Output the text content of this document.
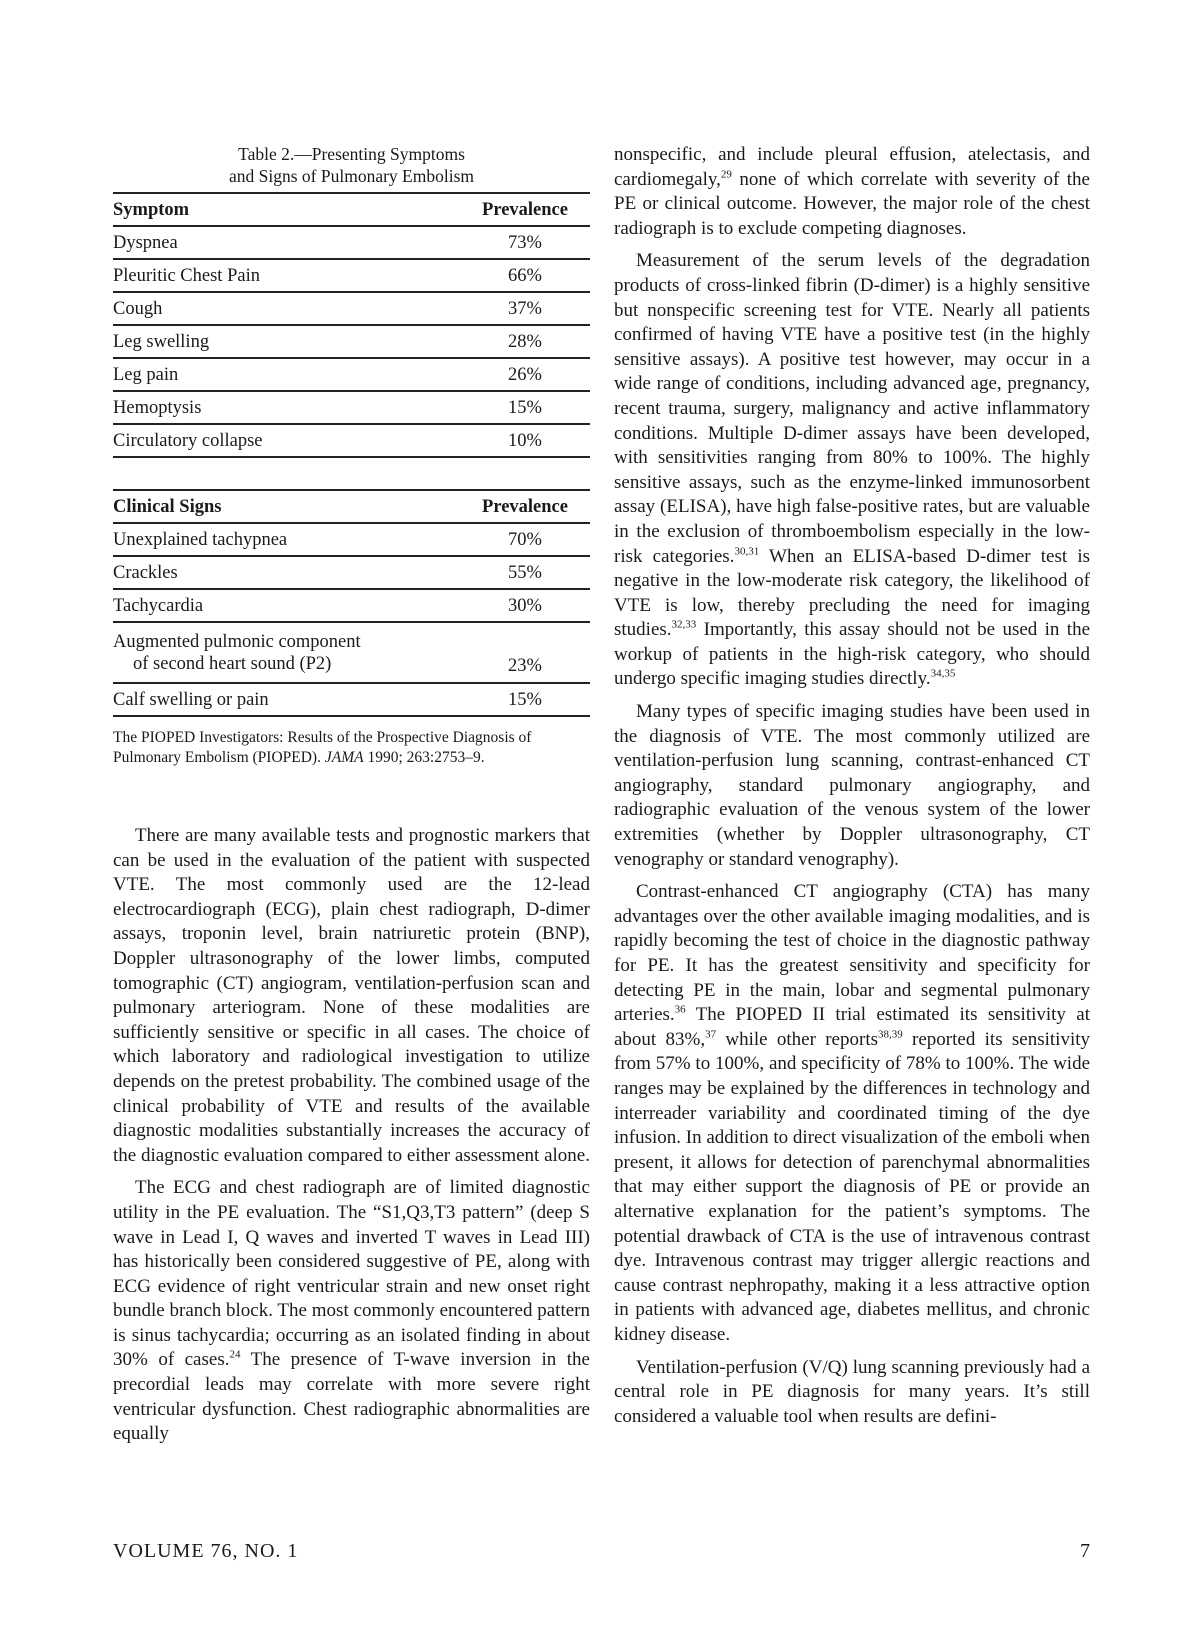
Table 2.—Presenting Symptoms
and Signs of Pulmonary Embolism
Symptom	Prevalence
Dyspnea	73%
Pleuritic Chest Pain	66%
Cough	37%
Leg swelling	28%
Leg pain	26%
Hemoptysis	15%
Circulatory collapse	10%

Clinical Signs	Prevalence
Unexplained tachypnea	70%
Crackles	55%
Tachycardia	30%

Augmented pulmonic component
of second heart sound (P2)	23%
Calf swelling or pain	15%
The PIOPED Investigators: Results of the Prospective Diagnosis of Pulmonary Embolism (PIOPED). JAMA 1990; 263:2753–9.

There are many available tests and prognostic markers that can be used in the evaluation of the patient with suspected VTE. The most commonly used are the 12-lead electrocardiograph (ECG), plain chest radiograph, D-dimer assays, troponin level, brain natriuretic protein (BNP), Doppler ultrasonography of the lower limbs, computed tomographic (CT) angiogram, ventilation-perfusion scan and pulmonary arteriogram. None of these modalities are sufficiently sensitive or specific in all cases. The choice of which laboratory and radiological investigation to utilize depends on the pretest probability. The combined usage of the clinical probability of VTE and results of the available diagnostic modalities substantially increases the accuracy of the diagnostic evaluation compared to either assessment alone.

The ECG and chest radiograph are of limited diagnostic utility in the PE evaluation. The “S1,Q3,T3 pattern” (deep S wave in Lead I, Q waves and inverted T waves in Lead III) has historically been considered suggestive of PE, along with ECG evidence of right ventricular strain and new onset right bundle branch block. The most commonly encountered pattern is sinus tachycardia; occurring as an isolated finding in about 30% of cases.$^{24}$ The presence of T-wave inversion in the precordial leads may correlate with more severe right ventricular dysfunction. Chest radiographic abnormalities are equally

nonspecific, and include pleural effusion, atelectasis, and cardiomegaly,$^{29}$ none of which correlate with severity of the PE or clinical outcome. However, the major role of the chest radiograph is to exclude competing diagnoses.

Measurement of the serum levels of the degradation products of cross-linked fibrin (D-dimer) is a highly sensitive but nonspecific screening test for VTE. Nearly all patients confirmed of having VTE have a positive test (in the highly sensitive assays). A positive test however, may occur in a wide range of conditions, including advanced age, pregnancy, recent trauma, surgery, malignancy and active inflammatory conditions. Multiple D-dimer assays have been developed, with sensitivities ranging from 80% to 100%. The highly sensitive assays, such as the enzyme-linked immunosorbent assay (ELISA), have high false-positive rates, but are valuable in the exclusion of thromboembolism especially in the low-risk categories.$^{30,31}$ When an ELISA-based D-dimer test is negative in the low-moderate risk category, the likelihood of VTE is low, thereby precluding the need for imaging studies.$^{32,33}$ Importantly, this assay should not be used in the workup of patients in the high-risk category, who should undergo specific imaging studies directly.$^{34,35}$

Many types of specific imaging studies have been used in the diagnosis of VTE. The most commonly utilized are ventilation-perfusion lung scanning, contrast-enhanced CT angiography, standard pulmonary angiography, and radiographic evaluation of the venous system of the lower extremities (whether by Doppler ultrasonography, CT venography or standard venography).

Contrast-enhanced CT angiography (CTA) has many advantages over the other available imaging modalities, and is rapidly becoming the test of choice in the diagnostic pathway for PE. It has the greatest sensitivity and specificity for detecting PE in the main, lobar and segmental pulmonary arteries.$^{36}$ The PIOPED II trial estimated its sensitivity at about 83%,$^{37}$ while other reports$^{38,39}$ reported its sensitivity from 57% to 100%, and specificity of 78% to 100%. The wide ranges may be explained by the differences in technology and interreader variability and coordinated timing of the dye infusion. In addition to direct visualization of the emboli when present, it allows for detection of parenchymal abnormalities that may either support the diagnosis of PE or provide an alternative explanation for the patient’s symptoms. The potential drawback of CTA is the use of intravenous contrast dye. Intravenous contrast may trigger allergic reactions and cause contrast nephropathy, making it a less attractive option in patients with advanced age, diabetes mellitus, and chronic kidney disease.

Ventilation-perfusion (V/Q) lung scanning previously had a central role in PE diagnosis for many years. It’s still considered a valuable tool when results are defini-

VOLUME 76, NO. 1	7
